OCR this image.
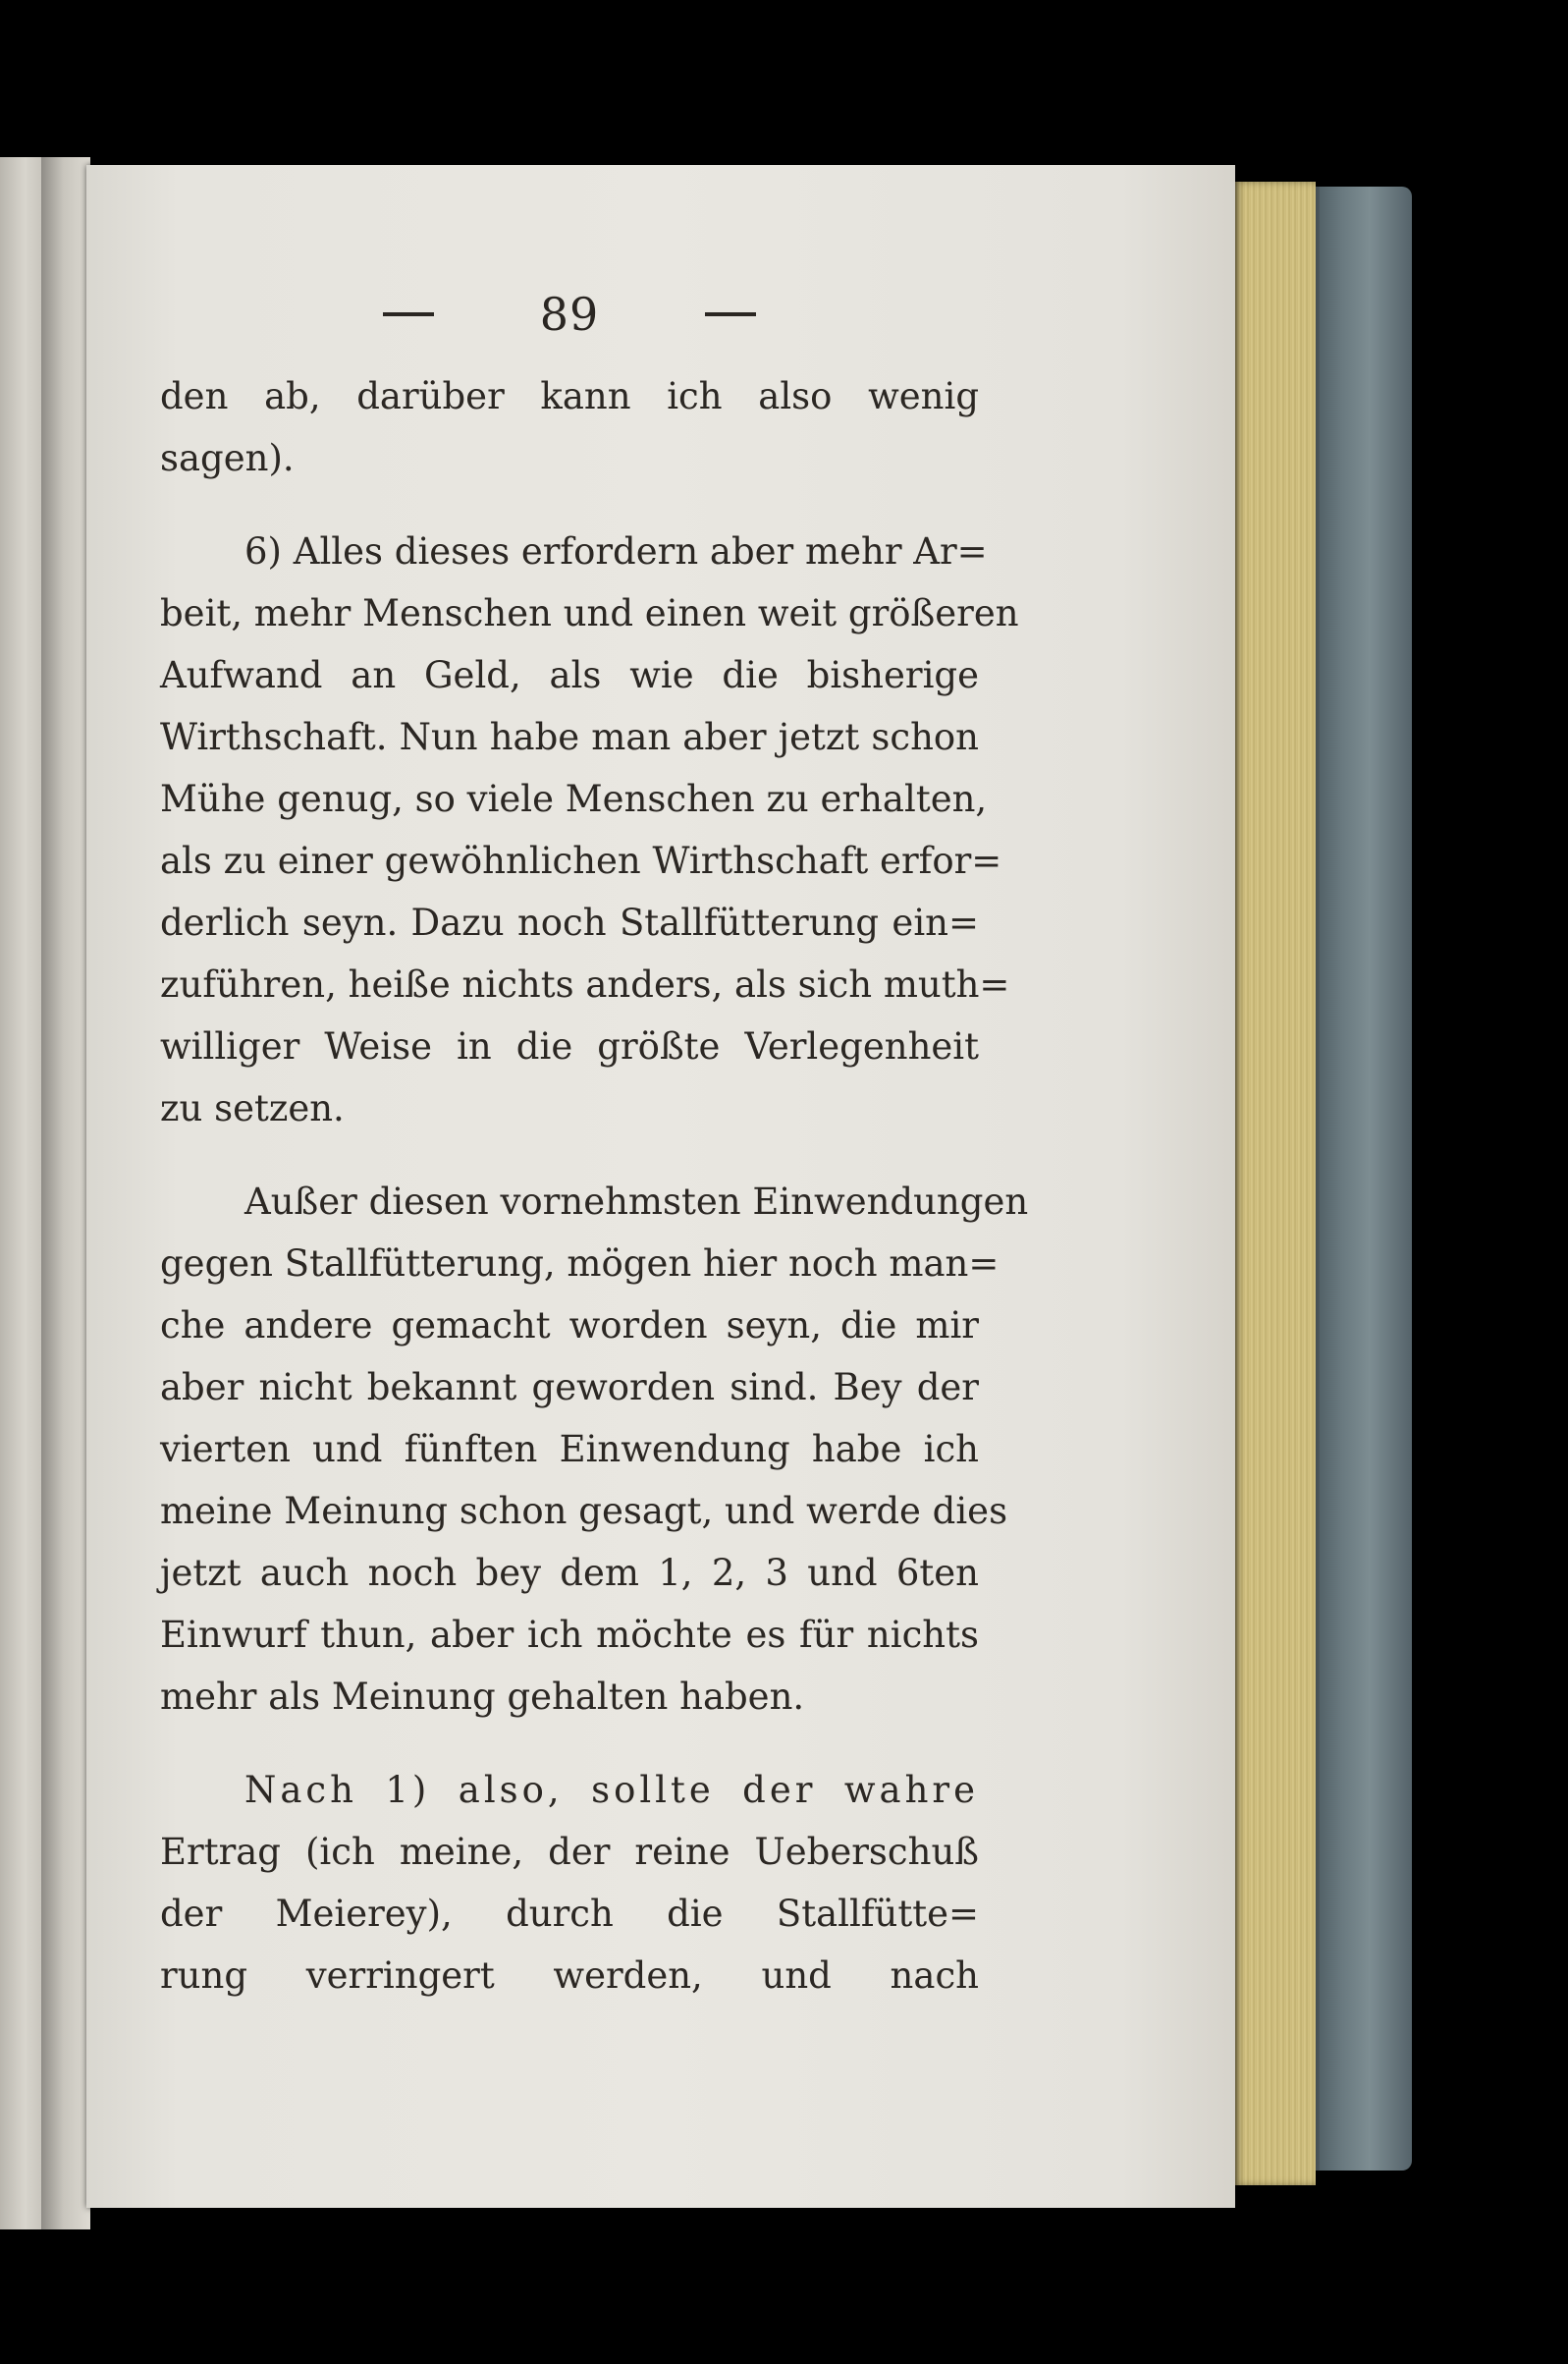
89
den ab, darüber kann ich also wenig
sagen).
6) Alles dieses erfordern aber mehr Ar=
beit, mehr Menschen und einen weit größeren
Aufwand an Geld, als wie die bisherige
Wirthschaft. Nun habe man aber jetzt schon
Mühe genug, so viele Menschen zu erhalten,
als zu einer gewöhnlichen Wirthschaft erfor=
derlich seyn. Dazu noch Stallfütterung ein=
zuführen, heiße nichts anders, als sich muth=
williger Weise in die größte Verlegenheit
zu setzen.
Außer diesen vornehmsten Einwendungen
gegen Stallfütterung, mögen hier noch man=
che andere gemacht worden seyn, die mir
aber nicht bekannt geworden sind. Bey der
vierten und fünften Einwendung habe ich
meine Meinung schon gesagt, und werde dies
jetzt auch noch bey dem 1, 2, 3 und 6ten
Einwurf thun, aber ich möchte es für nichts
mehr als Meinung gehalten haben.
Nach 1) also, sollte der wahre
Ertrag (ich meine, der reine Ueberschuß
der Meierey), durch die Stallfütte=
rung verringert werden, und nach
